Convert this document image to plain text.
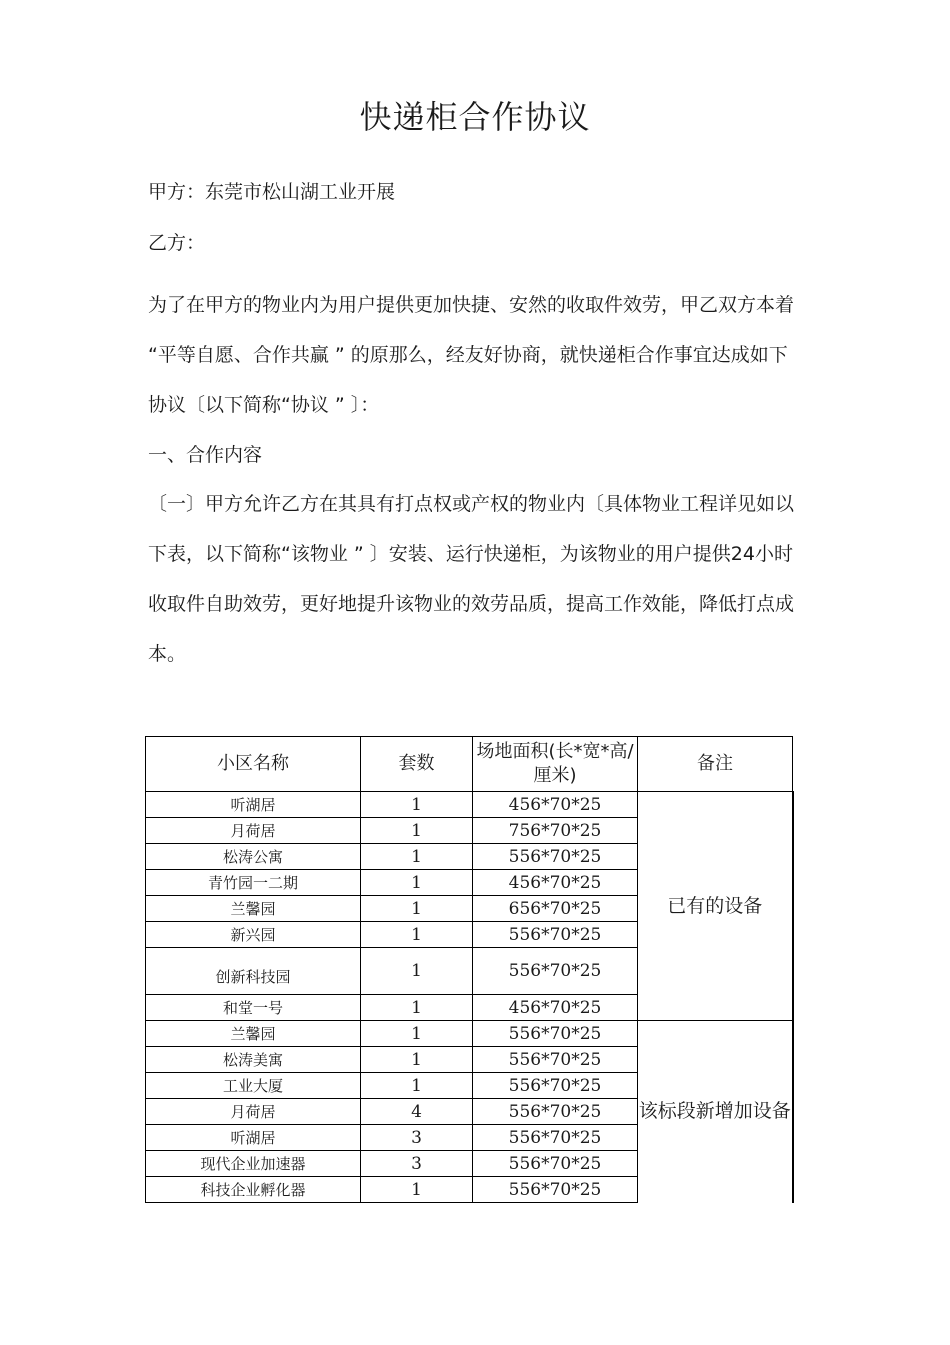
快递柜合作协议
甲方：东莞市松山湖工业开展
乙方：
为了在甲方的物业内为用户提供更加快捷、安然的收取件效劳，甲乙双方本着
“平等自愿、合作共赢 ” 的原那么，经友好协商，就快递柜合作事宜达成如下
协议〔以下简称“协议 ” 〕：
一、合作内容
〔一〕甲方允许乙方在其具有打点权或产权的物业内〔具体物业工程详见如以
下表，以下简称“该物业 ” 〕安装、运行快递柜，为该物业的用户提供24小时
收取件自助效劳，更好地提升该物业的效劳品质，提高工作效能，降低打点成
本。
小区名称	套数	场地面积(长*宽*高/厘米)	备注
听湖居	1	456*70*25	已有的设备
月荷居	1	756*70*25	
松涛公寓	1	556*70*25	
青竹园一二期	1	456*70*25	
兰馨园	1	656*70*25	
新兴园	1	556*70*25	
创新科技园	1	556*70*25	
和堂一号	1	456*70*25	
兰馨园	1	556*70*25	该标段新增加设备
松涛美寓	1	556*70*25	
工业大厦	1	556*70*25	
月荷居	4	556*70*25	
听湖居	3	556*70*25	
现代企业加速器	3	556*70*25	
科技企业孵化器	1	556*70*25	
